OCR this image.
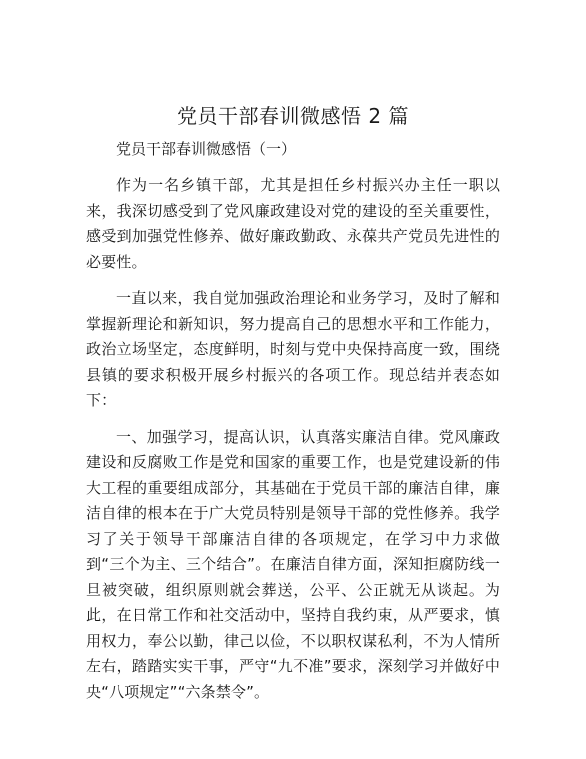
党员干部春训微感悟 2 篇

党员干部春训微感悟（一）

作为一名乡镇干部，尤其是担任乡村振兴办主任一职以来，我深切感受到了党风廉政建设对党的建设的至关重要性，感受到加强党性修养、做好廉政勤政、永葆共产党员先进性的必要性。

一直以来，我自觉加强政治理论和业务学习，及时了解和掌握新理论和新知识，努力提高自己的思想水平和工作能力，政治立场坚定，态度鲜明，时刻与党中央保持高度一致，围绕县镇的要求积极开展乡村振兴的各项工作。现总结并表态如下：

一、加强学习，提高认识，认真落实廉洁自律。党风廉政建设和反腐败工作是党和国家的重要工作，也是党建设新的伟大工程的重要组成部分，其基础在于党员干部的廉洁自律，廉洁自律的根本在于广大党员特别是领导干部的党性修养。我学习了关于领导干部廉洁自律的各项规定，在学习中力求做到“三个为主、三个结合”。在廉洁自律方面，深知拒腐防线一旦被突破，组织原则就会葬送，公平、公正就无从谈起。为此，在日常工作和社交活动中，坚持自我约束，从严要求，慎用权力，奉公以勤，律己以俭，不以职权谋私利，不为人情所左右，踏踏实实干事，严守“九不准”要求，深刻学习并做好中央“八项规定”“六条禁令”。
